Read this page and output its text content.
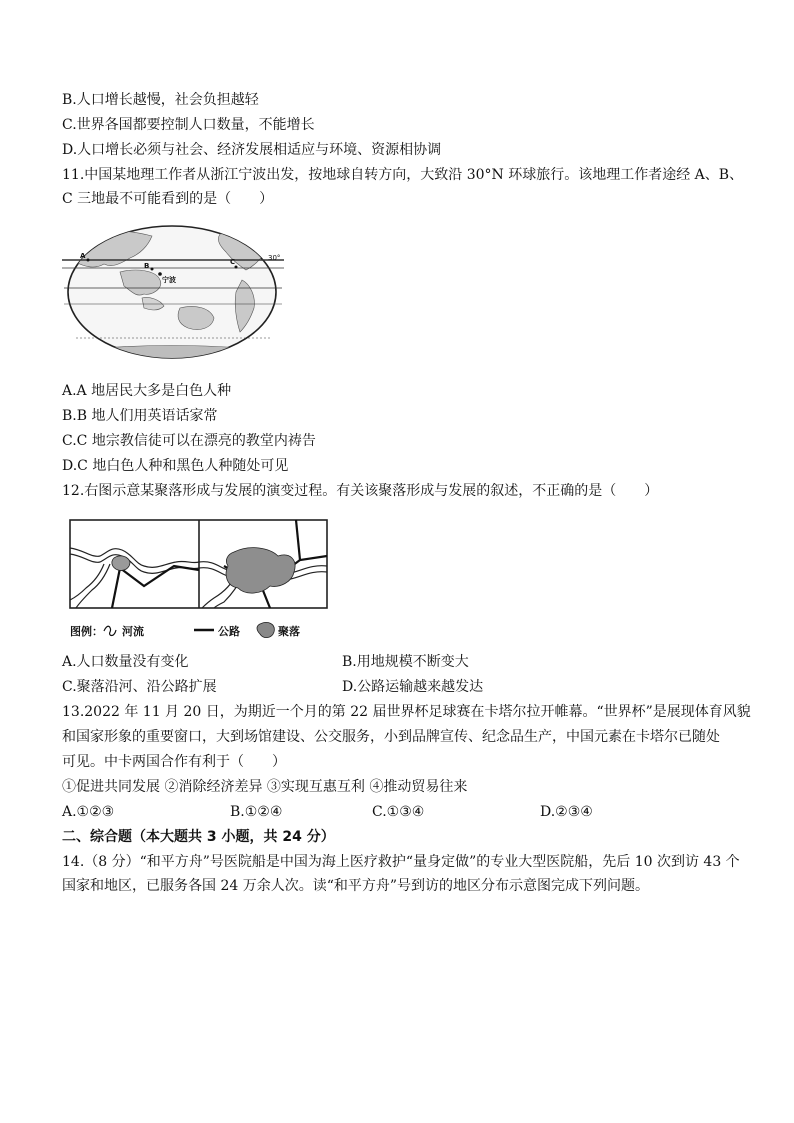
B.人口增长越慢，社会负担越轻
C.世界各国都要控制人口数量，不能增长
D.人口增长必须与社会、经济发展相适应与环境、资源相协调
11.中国某地理工作者从浙江宁波出发，按地球自转方向，大致沿 30°N 环球旅行。该地理工作者途经 A、B、
C 三地最不可能看到的是（　　）
30°
A
B	C
宁波
A.A 地居民大多是白色人种
B.B 地人们用英语话家常
C.C 地宗教信徒可以在漂亮的教堂内祷告
D.C 地白色人种和黑色人种随处可见
12.右图示意某聚落形成与发展的演变过程。有关该聚落形成与发展的叙述，不正确的是（　　）
图例： 河流	公路	聚落
A.人口数量没有变化	B.用地规模不断变大
C.聚落沿河、沿公路扩展	D.公路运输越来越发达
13.2022 年 11 月 20 日，为期近一个月的第 22 届世界杯足球赛在卡塔尔拉开帷幕。“世界杯”是展现体育风貌
和国家形象的重要窗口，大到场馆建设、公交服务，小到品牌宣传、纪念品生产，中国元素在卡塔尔已随处
可见。中卡两国合作有利于（　　）
①促进共同发展 ②消除经济差异 ③实现互惠互利 ④推动贸易往来
A.①②③	B.①②④	C.①③④	D.②③④
二、综合题（本大题共 3 小题，共 24 分）
14.（8 分）“和平方舟”号医院船是中国为海上医疗救护“量身定做”的专业大型医院船，先后 10 次到访 43 个
国家和地区，已服务各国 24 万余人次。读“和平方舟”号到访的地区分布示意图完成下列问题。
